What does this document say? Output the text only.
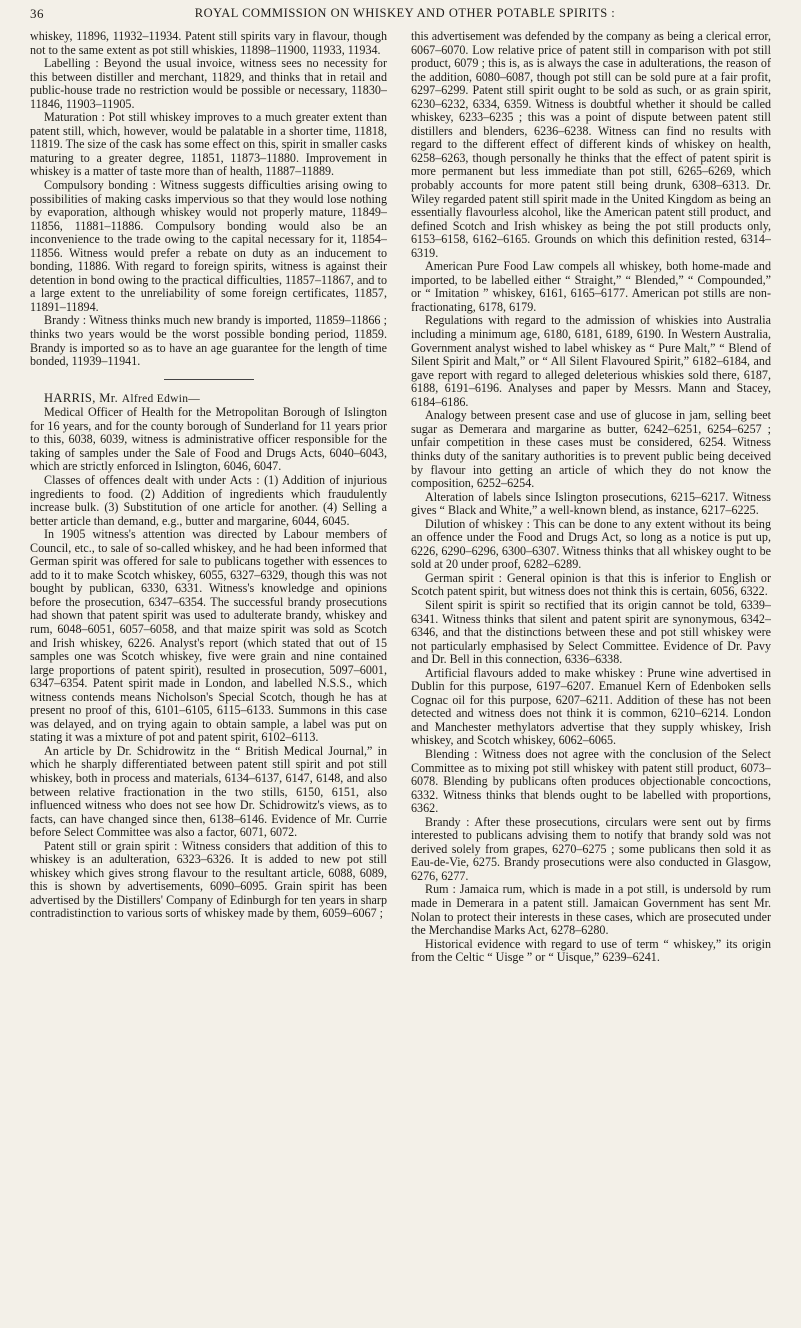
36	ROYAL COMMISSION ON WHISKEY AND OTHER POTABLE SPIRITS :

whiskey, 11896, 11932–11934. Patent still spirits vary in flavour, though not to the same extent as pot still whiskies, 11898–11900, 11933, 11934.

Labelling : Beyond the usual invoice, witness sees no necessity for this between distiller and merchant, 11829, and thinks that in retail and public-house trade no restriction would be possible or necessary, 11830–11846, 11903–11905.

Maturation : Pot still whiskey improves to a much greater extent than patent still, which, however, would be palatable in a shorter time, 11818, 11819. The size of the cask has some effect on this, spirit in smaller casks maturing to a greater degree, 11851, 11873–11880. Improvement in whiskey is a matter of taste more than of health, 11887–11889.

Compulsory bonding : Witness suggests difficulties arising owing to possibilities of making casks impervious so that they would lose nothing by evaporation, although whiskey would not properly mature, 11849–11856, 11881–11886. Compulsory bonding would also be an inconvenience to the trade owing to the capital necessary for it, 11854–11856. Witness would prefer a rebate on duty as an inducement to bonding, 11886. With regard to foreign spirits, witness is against their detention in bond owing to the practical difficulties, 11857–11867, and to a large extent to the unreliability of some foreign certificates, 11857, 11891–11894.

Brandy : Witness thinks much new brandy is imported, 11859–11866 ; thinks two years would be the worst possible bonding period, 11859. Brandy is imported so as to have an age guarantee for the length of time bonded, 11939–11941.

HARRIS, Mr. Alfred Edwin—

Medical Officer of Health for the Metropolitan Borough of Islington for 16 years, and for the county borough of Sunderland for 11 years prior to this, 6038, 6039, witness is administrative officer responsible for the taking of samples under the Sale of Food and Drugs Acts, 6040–6043, which are strictly enforced in Islington, 6046, 6047.

Classes of offences dealt with under Acts : (1) Addition of injurious ingredients to food. (2) Addition of ingredients which fraudulently increase bulk. (3) Substitution of one article for another. (4) Selling a better article than demand, e.g., butter and margarine, 6044, 6045.

In 1905 witness's attention was directed by Labour members of Council, etc., to sale of so-called whiskey, and he had been informed that German spirit was offered for sale to publicans together with essences to add to it to make Scotch whiskey, 6055, 6327–6329, though this was not bought by publican, 6330, 6331. Witness's knowledge and opinions before the prosecution, 6347–6354. The successful brandy prosecutions had shown that patent spirit was used to adulterate brandy, whiskey and rum, 6048–6051, 6057–6058, and that maize spirit was sold as Scotch and Irish whiskey, 6226. Analyst's report (which stated that out of 15 samples one was Scotch whiskey, five were grain and nine contained large proportions of patent spirit), resulted in prosecution, 5097–6001, 6347–6354. Patent spirit made in London, and labelled N.S.S., which witness contends means Nicholson's Special Scotch, though he has at present no proof of this, 6101–6105, 6115–6133. Summons in this case was delayed, and on trying again to obtain sample, a label was put on stating it was a mixture of pot and patent spirit, 6102–6113.

An article by Dr. Schidrowitz in the “ British Medical Journal,” in which he sharply differentiated between patent still spirit and pot still whiskey, both in process and materials, 6134–6137, 6147, 6148, and also between relative fractionation in the two stills, 6150, 6151, also influenced witness who does not see how Dr. Schidrowitz's views, as to facts, can have changed since then, 6138–6146. Evidence of Mr. Currie before Select Committee was also a factor, 6071, 6072.

Patent still or grain spirit : Witness considers that addition of this to whiskey is an adulteration, 6323–6326. It is added to new pot still whiskey which gives strong flavour to the resultant article, 6088, 6089, this is shown by advertisements, 6090–6095. Grain spirit has been advertised by the Distillers' Company of Edinburgh for ten years in sharp contradistinction to various sorts of whiskey made by them, 6059–6067 ;

this advertisement was defended by the company as being a clerical error, 6067–6070. Low relative price of patent still in comparison with pot still product, 6079 ; this is, as is always the case in adulterations, the reason of the addition, 6080–6087, though pot still can be sold pure at a fair profit, 6297–6299. Patent still spirit ought to be sold as such, or as grain spirit, 6230–6232, 6334, 6359. Witness is doubtful whether it should be called whiskey, 6233–6235 ; this was a point of dispute between patent still distillers and blenders, 6236–6238. Witness can find no results with regard to the different effect of different kinds of whiskey on health, 6258–6263, though personally he thinks that the effect of patent spirit is more permanent but less immediate than pot still, 6265–6269, which probably accounts for more patent still being drunk, 6308–6313. Dr. Wiley regarded patent still spirit made in the United Kingdom as being an essentially flavourless alcohol, like the American patent still product, and defined Scotch and Irish whiskey as being the pot still products only, 6153–6158, 6162–6165. Grounds on which this definition rested, 6314–6319.

American Pure Food Law compels all whiskey, both home-made and imported, to be labelled either “ Straight,” “ Blended,” “ Compounded,” or “ Imitation ” whiskey, 6161, 6165–6177. American pot stills are non-fractionating, 6178, 6179.

Regulations with regard to the admission of whiskies into Australia including a minimum age, 6180, 6181, 6189, 6190. In Western Australia, Government analyst wished to label whiskey as “ Pure Malt,” “ Blend of Silent Spirit and Malt,” or “ All Silent Flavoured Spirit,” 6182–6184, and gave report with regard to alleged deleterious whiskies sold there, 6187, 6188, 6191–6196. Analyses and paper by Messrs. Mann and Stacey, 6184–6186.

Analogy between present case and use of glucose in jam, selling beet sugar as Demerara and margarine as butter, 6242–6251, 6254–6257 ; unfair competition in these cases must be considered, 6254. Witness thinks duty of the sanitary authorities is to prevent public being deceived by flavour into getting an article of which they do not know the composition, 6252–6254.

Alteration of labels since Islington prosecutions, 6215–6217. Witness gives “ Black and White,” a well-known blend, as instance, 6217–6225.

Dilution of whiskey : This can be done to any extent without its being an offence under the Food and Drugs Act, so long as a notice is put up, 6226, 6290–6296, 6300–6307. Witness thinks that all whiskey ought to be sold at 20 under proof, 6282–6289.

German spirit : General opinion is that this is inferior to English or Scotch patent spirit, but witness does not think this is certain, 6056, 6322.

Silent spirit is spirit so rectified that its origin cannot be told, 6339–6341. Witness thinks that silent and patent spirit are synonymous, 6342–6346, and that the distinctions between these and pot still whiskey were not particularly emphasised by Select Committee. Evidence of Dr. Pavy and Dr. Bell in this connection, 6336–6338.

Artificial flavours added to make whiskey : Prune wine advertised in Dublin for this purpose, 6197–6207. Emanuel Kern of Edenboken sells Cognac oil for this purpose, 6207–6211. Addition of these has not been detected and witness does not think it is common, 6210–6214. London and Manchester methylators advertise that they supply whiskey, Irish whiskey, and Scotch whiskey, 6062–6065.

Blending : Witness does not agree with the conclusion of the Select Committee as to mixing pot still whiskey with patent still product, 6073–6078. Blending by publicans often produces objectionable concoctions, 6332. Witness thinks that blends ought to be labelled with proportions, 6362.

Brandy : After these prosecutions, circulars were sent out by firms interested to publicans advising them to notify that brandy sold was not derived solely from grapes, 6270–6275 ; some publicans then sold it as Eau-de-Vie, 6275. Brandy prosecutions were also conducted in Glasgow, 6276, 6277.

Rum : Jamaica rum, which is made in a pot still, is undersold by rum made in Demerara in a patent still. Jamaican Government has sent Mr. Nolan to protect their interests in these cases, which are prosecuted under the Merchandise Marks Act, 6278–6280.

Historical evidence with regard to use of term “ whiskey,” its origin from the Celtic “ Uisge ” or “ Uisque,” 6239–6241.
